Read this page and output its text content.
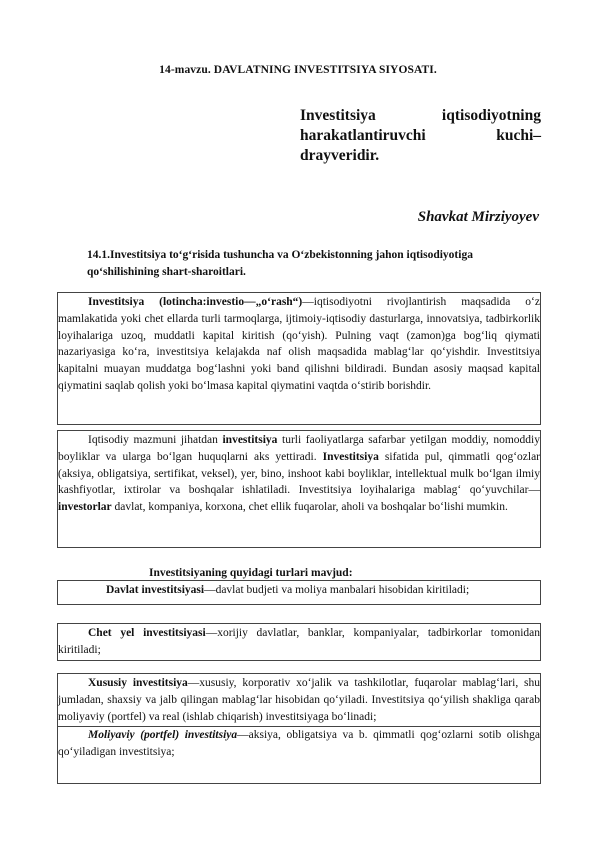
14-mavzu. DAVLATNING INVESTITSIYA SIYOSATI.
Investitsiya iqtisodiyotning harakatlantiruvchi kuchi– drayveridir.
Shavkat Mirziyoyev
14.1.Investitsiya to‘g‘risida tushuncha va O‘zbekistonning jahon iqtisodiyotiga qo‘shilishining shart-sharoitlari.

Investitsiya (lotincha:investio—„o‘rash“)—iqtisodiyotni rivojlantirish maqsadida o‘z mamlakatida yoki chet ellarda turli tarmoqlarga, ijtimoiy-iqtisodiy dasturlarga, innovatsiya, tadbirkorlik loyihalariga uzoq, muddatli kapital kiritish (qo‘yish). Pulning vaqt (zamon)ga bog‘liq qiymati nazariyasiga ko‘ra, investitsiya kelajakda naf olish maqsadida mablag‘lar qo‘yishdir. Investitsiya kapitalni muayan muddatga bog‘lashni yoki band qilishni bildiradi. Bundan asosiy maqsad kapital qiymatini saqlab qolish yoki bo‘lmasa kapital qiymatini vaqtda o‘stirib borishdir.

Iqtisodiy mazmuni jihatdan investitsiya turli faoliyatlarga safarbar yetilgan moddiy, nomoddiy boyliklar va ularga bo‘lgan huquqlarni aks yettiradi. Investitsiya sifatida pul, qimmatli qog‘ozlar (aksiya, obligatsiya, sertifikat, veksel), yer, bino, inshoot kabi boyliklar, intellektual mulk bo‘lgan ilmiy kashfiyotlar, ixtirolar va boshqalar ishlatiladi. Investitsiya loyihalariga mablag‘ qo‘yuvchilar—investorlar davlat, kompaniya, korxona, chet ellik fuqarolar, aholi va boshqalar bo‘lishi mumkin.

Investitsiyaning quyidagi turlari mavjud:

Davlat investitsiyasi—davlat budjeti va moliya manbalari hisobidan kiritiladi;

Chet yel investitsiyasi—xorijiy davlatlar, banklar, kompaniyalar, tadbirkorlar tomonidan kiritiladi;

Xususiy investitsiya—xususiy, korporativ xo‘jalik va tashkilotlar, fuqarolar mablag‘lari, shu jumladan, shaxsiy va jalb qilingan mablag‘lar hisobidan qo‘yiladi. Investitsiya qo‘yilish shakliga qarab moliyaviy (portfel) va real (ishlab chiqarish) investitsiyaga bo‘linadi;

Moliyaviy (portfel) investitsiya—aksiya, obligatsiya va b. qimmatli qog‘ozlarni sotib olishga qo‘yiladigan investitsiya;
